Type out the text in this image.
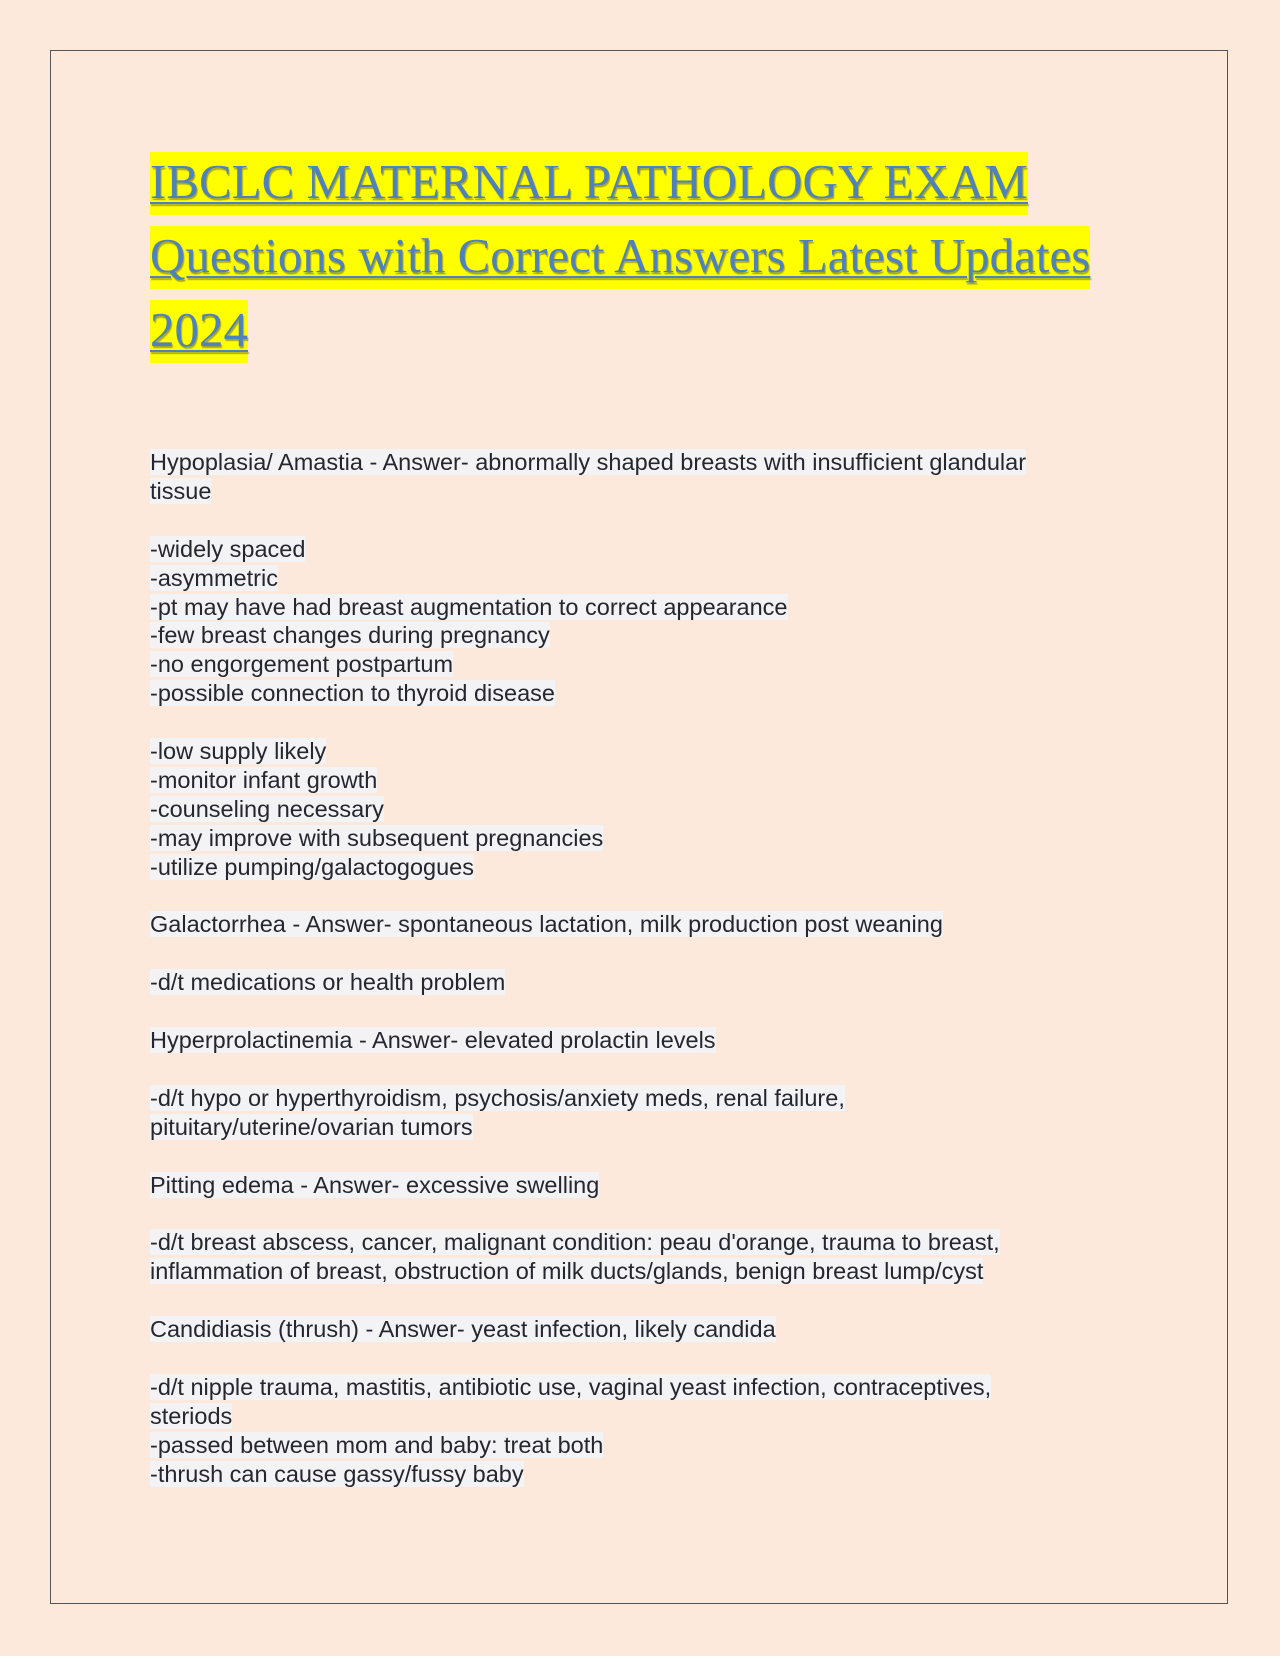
IBCLC MATERNAL PATHOLOGY EXAM
Questions with Correct Answers Latest Updates
2024
Hypoplasia/ Amastia - Answer- abnormally shaped breasts with insufficient glandular
tissue
-widely spaced
-asymmetric
-pt may have had breast augmentation to correct appearance
-few breast changes during pregnancy
-no engorgement postpartum
-possible connection to thyroid disease
-low supply likely
-monitor infant growth
-counseling necessary
-may improve with subsequent pregnancies
-utilize pumping/galactogogues
Galactorrhea - Answer- spontaneous lactation, milk production post weaning
-d/t medications or health problem
Hyperprolactinemia - Answer- elevated prolactin levels
-d/t hypo or hyperthyroidism, psychosis/anxiety meds, renal failure,
pituitary/uterine/ovarian tumors
Pitting edema - Answer- excessive swelling
-d/t breast abscess, cancer, malignant condition: peau d'orange, trauma to breast,
inflammation of breast, obstruction of milk ducts/glands, benign breast lump/cyst
Candidiasis (thrush) - Answer- yeast infection, likely candida
-d/t nipple trauma, mastitis, antibiotic use, vaginal yeast infection, contraceptives,
steriods
-passed between mom and baby: treat both
-thrush can cause gassy/fussy baby
